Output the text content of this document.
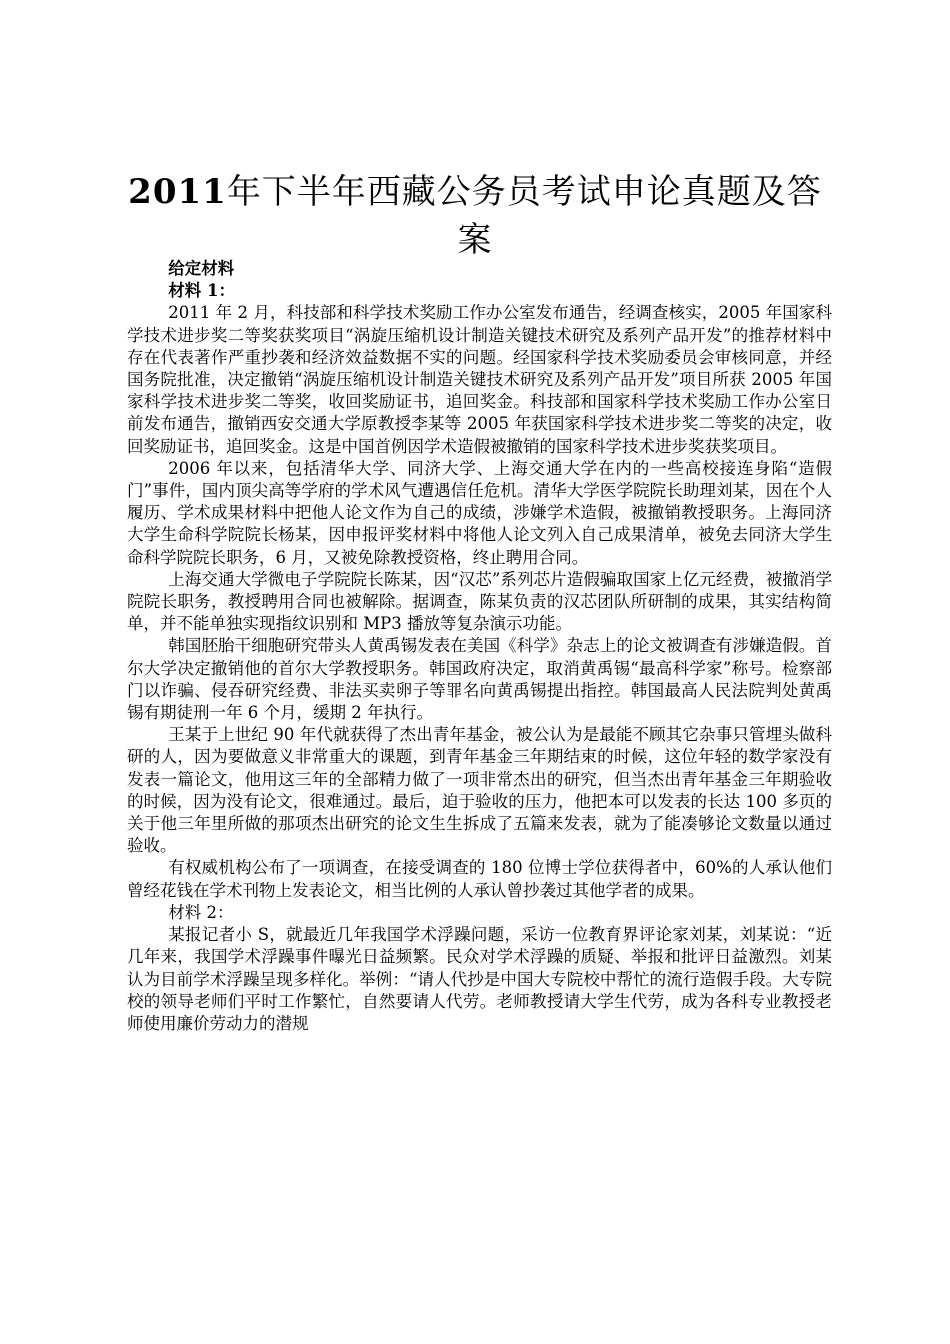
2011年下半年西藏公务员考试申论真题及答案

给定材料

材料 1：

2011 年 2 月，科技部和科学技术奖励工作办公室发布通告，经调查核实，2005 年国家科学技术进步奖二等奖获奖项目“涡旋压缩机设计制造关键技术研究及系列产品开发”的推荐材料中存在代表著作严重抄袭和经济效益数据不实的问题。经国家科学技术奖励委员会审核同意，并经国务院批准，决定撤销“涡旋压缩机设计制造关键技术研究及系列产品开发”项目所获 2005 年国家科学技术进步奖二等奖，收回奖励证书，追回奖金。科技部和国家科学技术奖励工作办公室日前发布通告，撤销西安交通大学原教授李某等 2005 年获国家科学技术进步奖二等奖的决定，收回奖励证书，追回奖金。这是中国首例因学术造假被撤销的国家科学技术进步奖获奖项目。

2006 年以来，包括清华大学、同济大学、上海交通大学在内的一些高校接连身陷“造假门”事件，国内顶尖高等学府的学术风气遭遇信任危机。清华大学医学院院长助理刘某，因在个人履历、学术成果材料中把他人论文作为自己的成绩，涉嫌学术造假，被撤销教授职务。上海同济大学生命科学院院长杨某，因申报评奖材料中将他人论文列入自己成果清单，被免去同济大学生命科学院院长职务，6 月，又被免除教授资格，终止聘用合同。

上海交通大学微电子学院院长陈某，因“汉芯”系列芯片造假骗取国家上亿元经费，被撤消学院院长职务，教授聘用合同也被解除。据调查，陈某负责的汉芯团队所研制的成果，其实结构简单，并不能单独实现指纹识别和 MP3 播放等复杂演示功能。

韩国胚胎干细胞研究带头人黄禹锡发表在美国《科学》杂志上的论文被调查有涉嫌造假。首尔大学决定撤销他的首尔大学教授职务。韩国政府决定，取消黄禹锡“最高科学家”称号。检察部门以诈骗、侵吞研究经费、非法买卖卵子等罪名向黄禹锡提出指控。韩国最高人民法院判处黄禹锡有期徒刑一年 6 个月，缓期 2 年执行。

王某于上世纪 90 年代就获得了杰出青年基金，被公认为是最能不顾其它杂事只管埋头做科研的人，因为要做意义非常重大的课题，到青年基金三年期结束的时候，这位年轻的数学家没有发表一篇论文，他用这三年的全部精力做了一项非常杰出的研究，但当杰出青年基金三年期验收的时候，因为没有论文，很难通过。最后，迫于验收的压力，他把本可以发表的长达 100 多页的关于他三年里所做的那项杰出研究的论文生生拆成了五篇来发表，就为了能凑够论文数量以通过验收。

有权威机构公布了一项调查，在接受调查的 180 位博士学位获得者中，60%的人承认他们曾经花钱在学术刊物上发表论文，相当比例的人承认曾抄袭过其他学者的成果。

材料 2：

某报记者小 S，就最近几年我国学术浮躁问题，采访一位教育界评论家刘某，刘某说：“近几年来，我国学术浮躁事件曝光日益频繁。民众对学术浮躁的质疑、举报和批评日益激烈。刘某认为目前学术浮躁呈现多样化。举例：“请人代抄是中国大专院校中帮忙的流行造假手段。大专院校的领导老师们平时工作繁忙，自然要请人代劳。老师教授请大学生代劳，成为各科专业教授老师使用廉价劳动力的潜规
